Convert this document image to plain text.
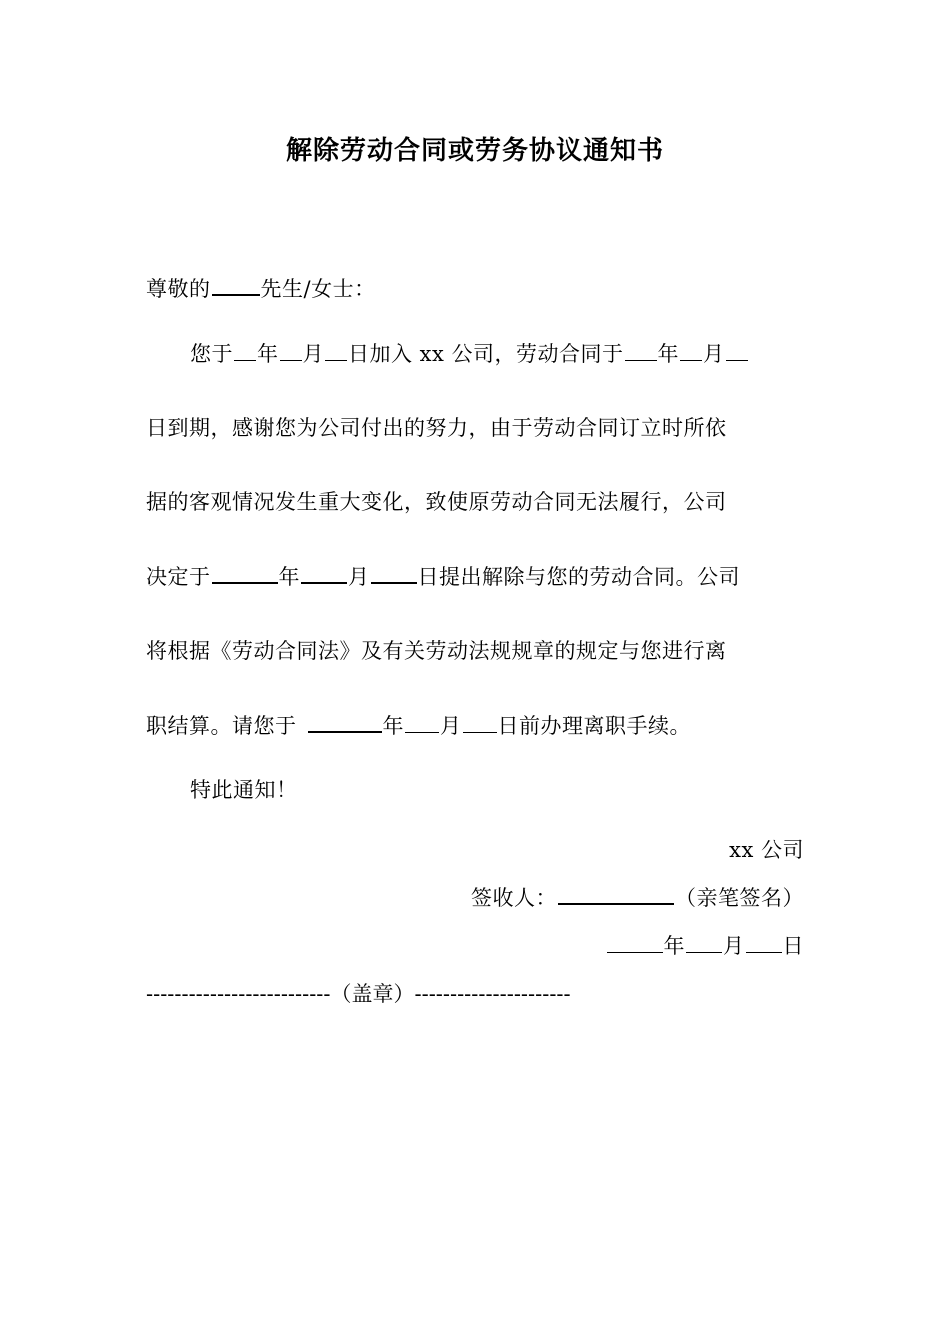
解除劳动合同或劳务协议通知书
尊敬的 先生/女士：
您于 年 月 日加入 xx 公司，劳动合同于 年 月
日到期，感谢您为公司付出的努力，由于劳动合同订立时所依
据的客观情况发生重大变化，致使原劳动合同无法履行，公司
决定于	年 月 日提出解除与您的劳动合同。公司
将根据《劳动合同法》及有关劳动法规规章的规定与您进行离
职结算。请您于	年 月 日前办理离职手续。
特此通知！
xx 公司
签收人：	（亲笔签名）
年 月 日
--------------------------（盖章）----------------------
